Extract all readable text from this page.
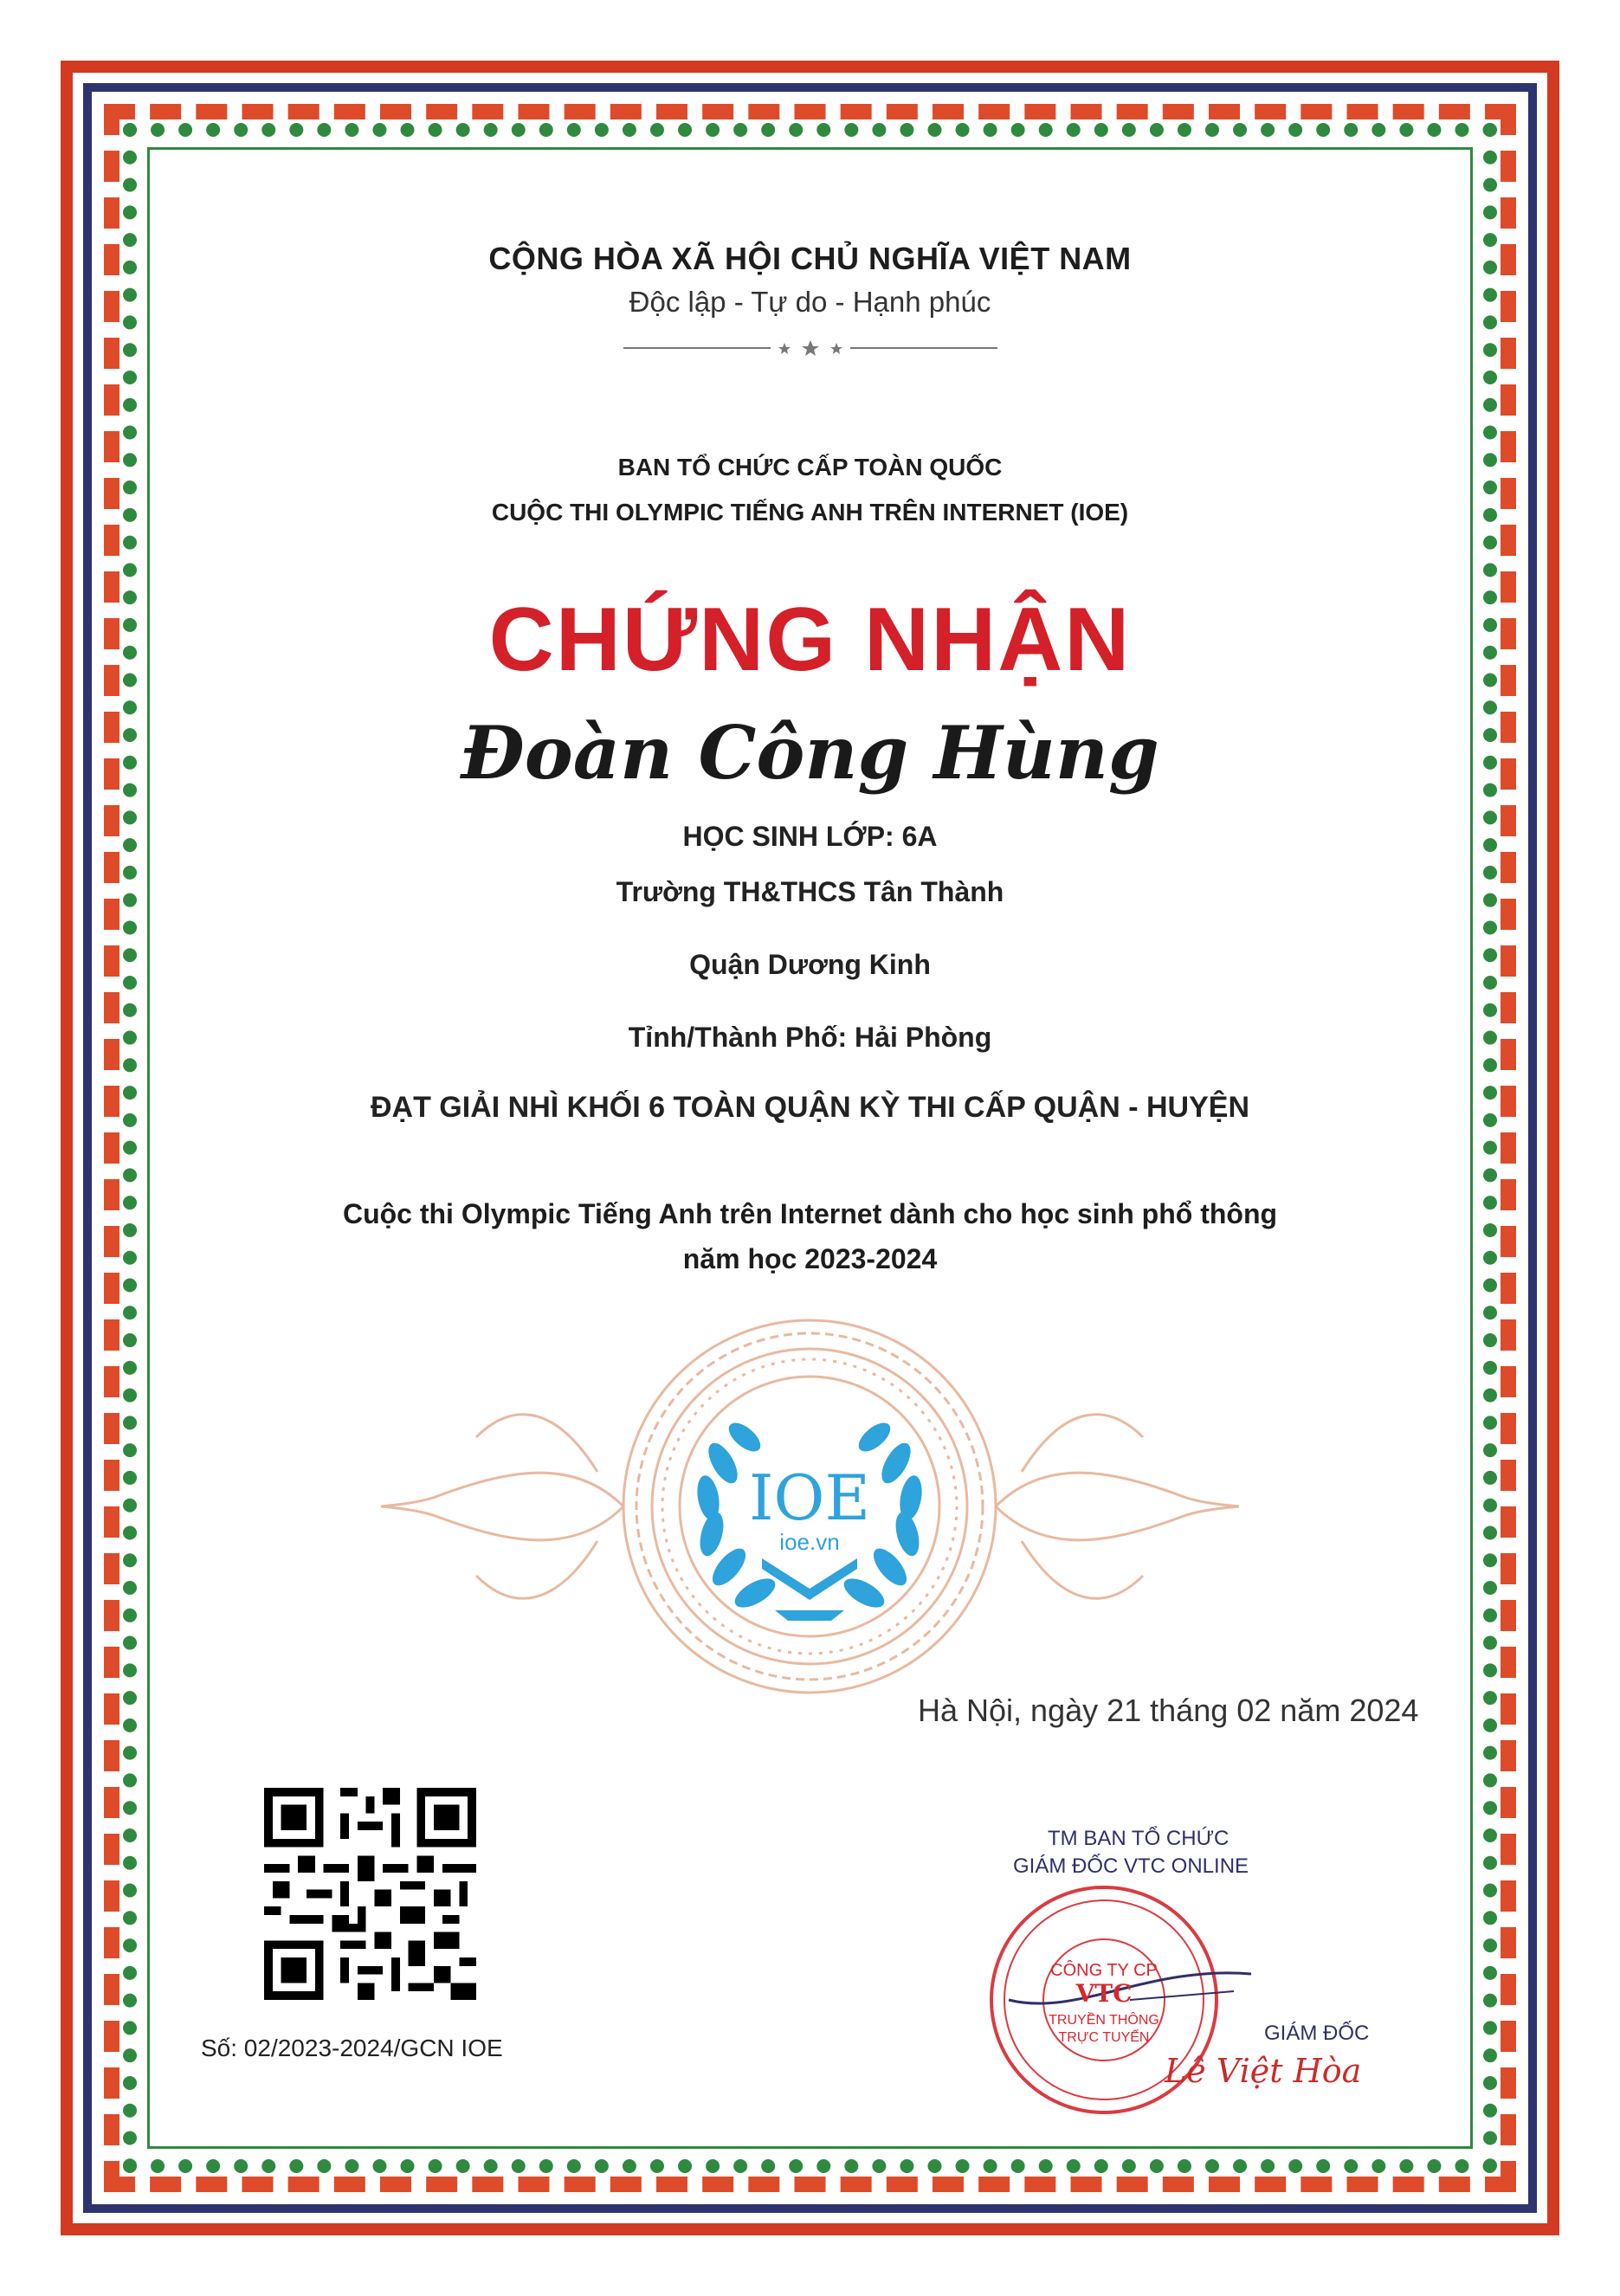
CỘNG HÒA XÃ HỘI CHỦ NGHĨA VIỆT NAM
Độc lập - Tự do - Hạnh phúc
BAN TỔ CHỨC CẤP TOÀN QUỐC
CUỘC THI OLYMPIC TIẾNG ANH TRÊN INTERNET (IOE)
CHỨNG NHẬN
Đoàn Công Hùng
HỌC SINH LỚP: 6A
Trường TH&THCS Tân Thành
Quận Dương Kinh
Tỉnh/Thành Phố: Hải Phòng
ĐẠT GIẢI NHÌ KHỐI 6 TOÀN QUẬN KỲ THI CẤP QUẬN - HUYỆN
Cuộc thi Olympic Tiếng Anh trên Internet dành cho học sinh phổ thông
năm học 2023-2024
IOE
ioe.vn
Hà Nội, ngày 21 tháng 02 năm 2024
Số: 02/2023-2024/GCN IOE
TM BAN TỔ CHỨC
GIÁM ĐỐC VTC ONLINE
CÔNG TY CP
VTC
TRUYỀN THÔNG
TRỰC TUYẾN	GIÁM ĐỐC
Lê Việt Hòa
